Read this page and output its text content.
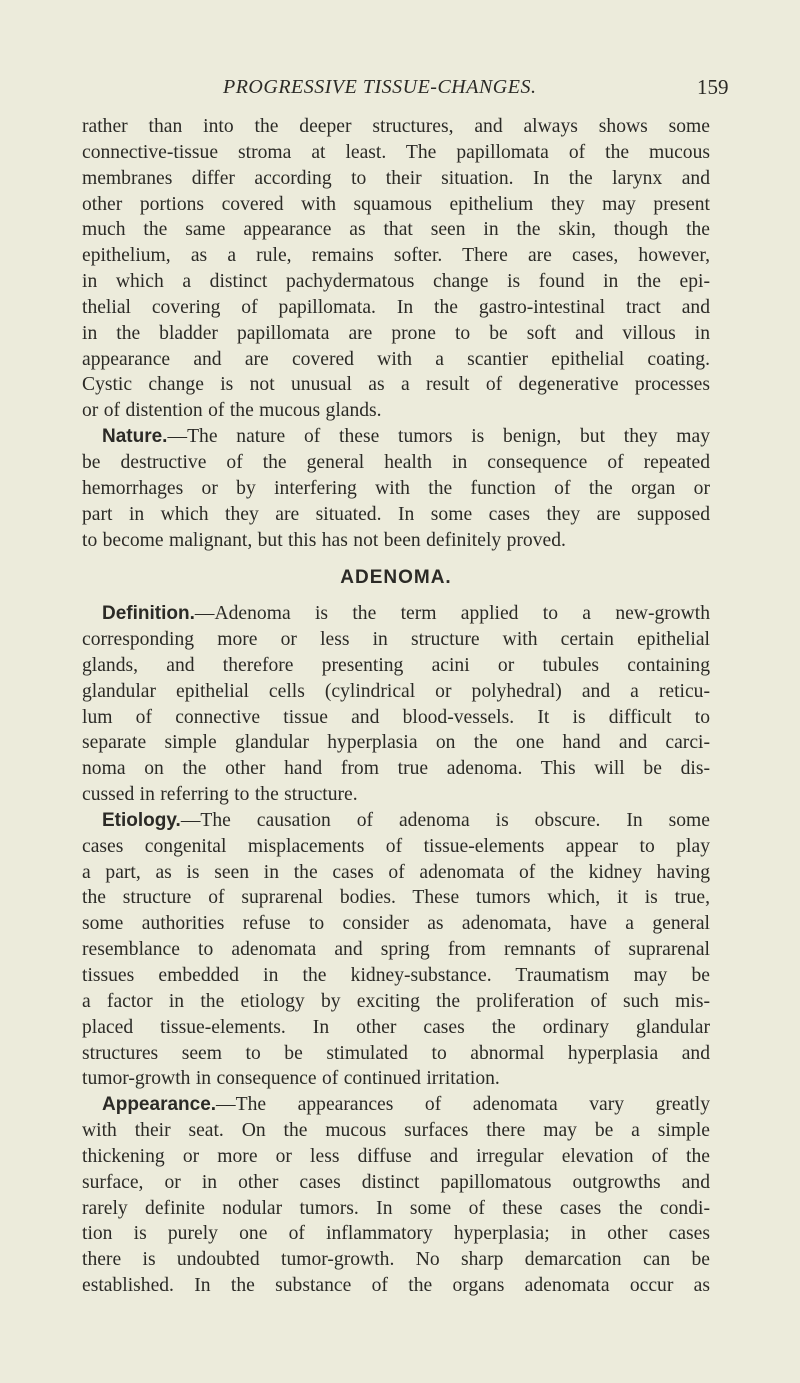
PROGRESSIVE TISSUE-CHANGES.	159
rather than into the deeper structures, and always shows some
connective-tissue stroma at least. The papillomata of the mucous
membranes differ according to their situation. In the larynx and
other portions covered with squamous epithelium they may present
much the same appearance as that seen in the skin, though the
epithelium, as a rule, remains softer. There are cases, however,
in which a distinct pachydermatous change is found in the epi-
thelial covering of papillomata. In the gastro-intestinal tract and
in the bladder papillomata are prone to be soft and villous in
appearance and are covered with a scantier epithelial coating.
Cystic change is not unusual as a result of degenerative processes
or of distention of the mucous glands.
Nature.—The nature of these tumors is benign, but they may
be destructive of the general health in consequence of repeated
hemorrhages or by interfering with the function of the organ or
part in which they are situated. In some cases they are supposed
to become malignant, but this has not been definitely proved.
ADENOMA.
Definition.—Adenoma is the term applied to a new-growth
corresponding more or less in structure with certain epithelial
glands, and therefore presenting acini or tubules containing
glandular epithelial cells (cylindrical or polyhedral) and a reticu-
lum of connective tissue and blood-vessels. It is difficult to
separate simple glandular hyperplasia on the one hand and carci-
noma on the other hand from true adenoma. This will be dis-
cussed in referring to the structure.
Etiology.—The causation of adenoma is obscure. In some
cases congenital misplacements of tissue-elements appear to play
a part, as is seen in the cases of adenomata of the kidney having
the structure of suprarenal bodies. These tumors which, it is true,
some authorities refuse to consider as adenomata, have a general
resemblance to adenomata and spring from remnants of suprarenal
tissues embedded in the kidney-substance. Traumatism may be
a factor in the etiology by exciting the proliferation of such mis-
placed tissue-elements. In other cases the ordinary glandular
structures seem to be stimulated to abnormal hyperplasia and
tumor-growth in consequence of continued irritation.
Appearance.—The appearances of adenomata vary greatly
with their seat. On the mucous surfaces there may be a simple
thickening or more or less diffuse and irregular elevation of the
surface, or in other cases distinct papillomatous outgrowths and
rarely definite nodular tumors. In some of these cases the condi-
tion is purely one of inflammatory hyperplasia; in other cases
there is undoubted tumor-growth. No sharp demarcation can be
established. In the substance of the organs adenomata occur as
